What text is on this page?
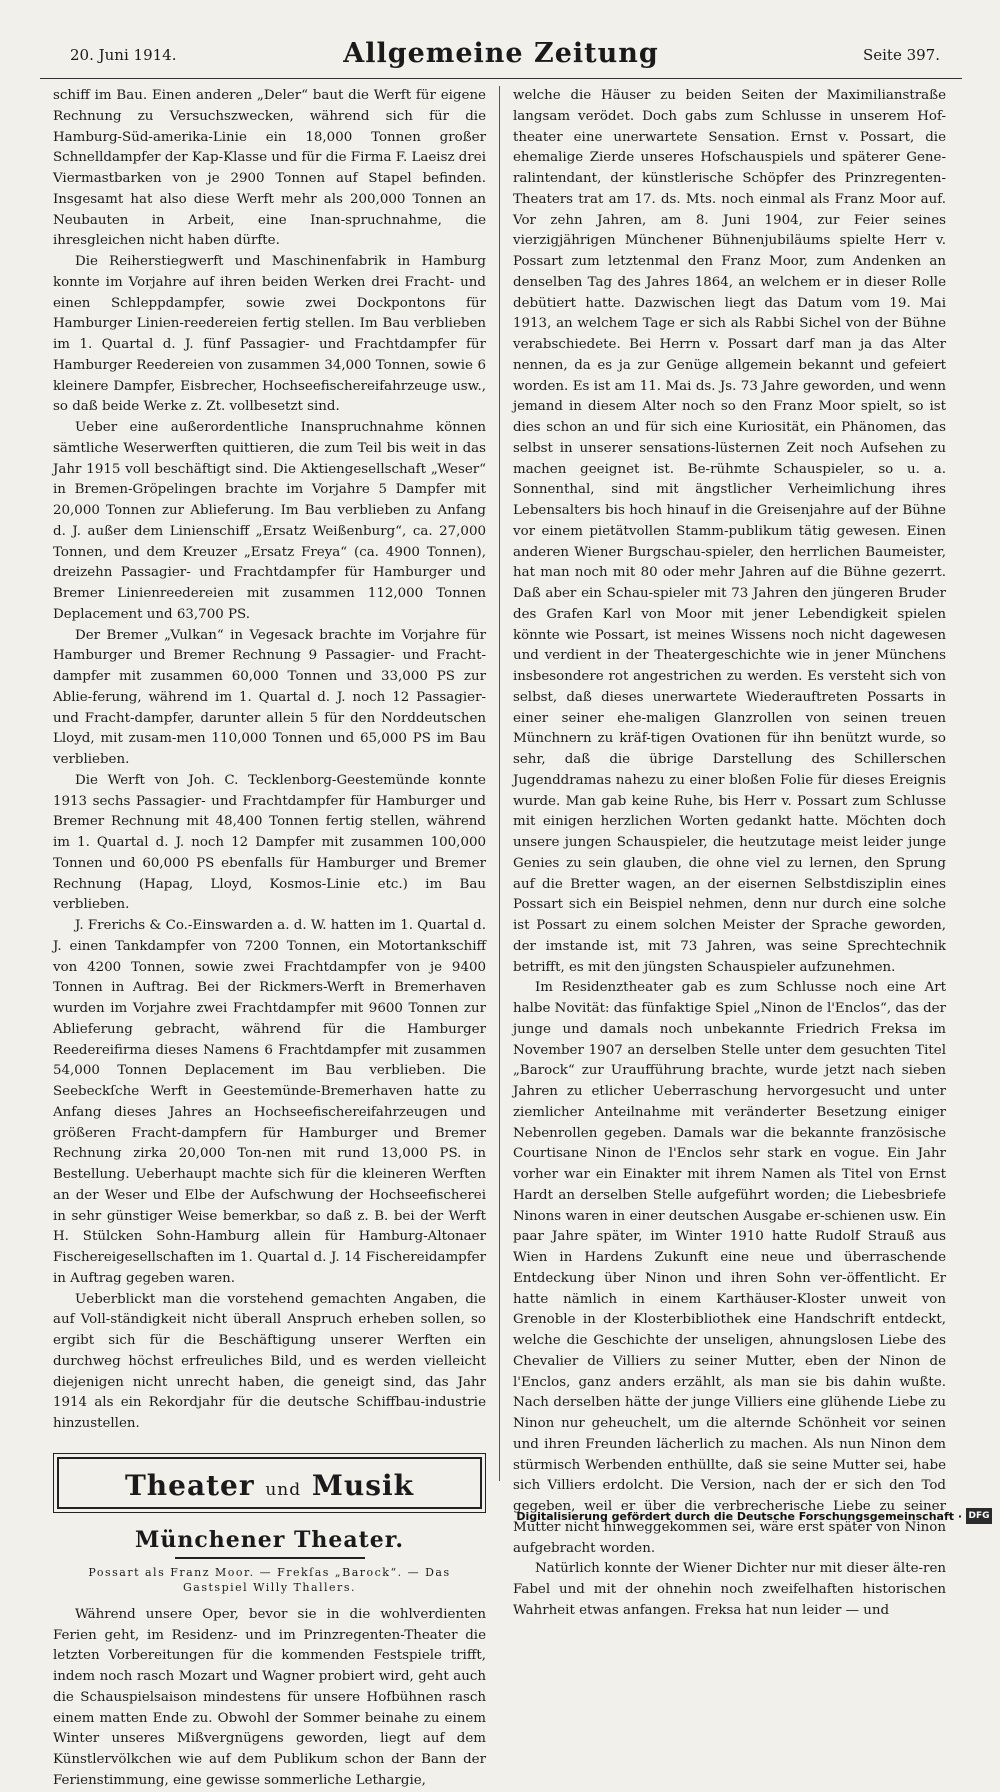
20. Juni 1914.	Allgemeine Zeitung	Seite 397.

schiff im Bau. Einen anderen „Deler“ baut die Werft für eigene Rechnung zu Versuchszwecken, während sich für die Hamburg-Süd-amerika-Linie ein 18,000 Tonnen großer Schnelldampfer der Kap-Klasse und für die Firma F. Laeisz drei Viermastbarken von je 2900 Tonnen auf Stapel befinden. Insgesamt hat also diese Werft mehr als 200,000 Tonnen an Neubauten in Arbeit, eine Inan-spruchnahme, die ihresgleichen nicht haben dürfte.

Die Reiherstiegwerft und Maschinenfabrik in Hamburg konnte im Vorjahre auf ihren beiden Werken drei Fracht- und einen Schleppdampfer, sowie zwei Dockpontons für Hamburger Linien-reedereien fertig stellen. Im Bau verblieben im 1. Quartal d. J. fünf Passagier- und Frachtdampfer für Hamburger Reedereien von zusammen 34,000 Tonnen, sowie 6 kleinere Dampfer, Eisbrecher, Hochseefischereifahrzeuge usw., so daß beide Werke z. Zt. vollbesetzt sind.

Ueber eine außerordentliche Inanspruchnahme können sämtliche Weserwerften quittieren, die zum Teil bis weit in das Jahr 1915 voll beschäftigt sind. Die Aktiengesellschaft „Weser“ in Bremen-Gröpelingen brachte im Vorjahre 5 Dampfer mit 20,000 Tonnen zur Ablieferung. Im Bau verblieben zu Anfang d. J. außer dem Linienschiff „Ersatz Weißenburg“, ca. 27,000 Tonnen, und dem Kreuzer „Ersatz Freya“ (ca. 4900 Tonnen), dreizehn Passagier- und Frachtdampfer für Hamburger und Bremer Linienreedereien mit zusammen 112,000 Tonnen Deplacement und 63,700 PS.

Der Bremer „Vulkan“ in Vegesack brachte im Vorjahre für Hamburger und Bremer Rechnung 9 Passagier- und Fracht-dampfer mit zusammen 60,000 Tonnen und 33,000 PS zur Ablie-ferung, während im 1. Quartal d. J. noch 12 Passagier- und Fracht-dampfer, darunter allein 5 für den Norddeutschen Lloyd, mit zusam-men 110,000 Tonnen und 65,000 PS im Bau verblieben.

Die Werft von Joh. C. Tecklenborg-Geestemünde konnte 1913 sechs Passagier- und Frachtdampfer für Hamburger und Bremer Rechnung mit 48,400 Tonnen fertig stellen, während im 1. Quartal d. J. noch 12 Dampfer mit zusammen 100,000 Tonnen und 60,000 PS ebenfalls für Hamburger und Bremer Rechnung (Hapag, Lloyd, Kosmos-Linie etc.) im Bau verblieben.

J. Frerichs & Co.-Einswarden a. d. W. hatten im 1. Quartal d. J. einen Tankdampfer von 7200 Tonnen, ein Motortankschiff von 4200 Tonnen, sowie zwei Frachtdampfer von je 9400 Tonnen in Auftrag. Bei der Rickmers-Werft in Bremerhaven wurden im Vorjahre zwei Frachtdampfer mit 9600 Tonnen zur Ablieferung gebracht, während für die Hamburger Reedereifirma dieses Namens 6 Frachtdampfer mit zusammen 54,000 Tonnen Deplacement im Bau verblieben. Die Seebeckſche Werft in Geestemünde-Bremerhaven hatte zu Anfang dieses Jahres an Hochseefischereifahrzeugen und größeren Fracht-dampfern für Hamburger und Bremer Rechnung zirka 20,000 Ton-nen mit rund 13,000 PS. in Bestellung. Ueberhaupt machte sich für die kleineren Werften an der Weser und Elbe der Aufschwung der Hochseefischerei in sehr günstiger Weise bemerkbar, so daß z. B. bei der Werft H. Stülcken Sohn-Hamburg allein für Hamburg-Altonaer Fischereigesellschaften im 1. Quartal d. J. 14 Fischereidampfer in Auftrag gegeben waren.

Ueberblickt man die vorstehend gemachten Angaben, die auf Voll-ständigkeit nicht überall Anspruch erheben sollen, so ergibt sich für die Beschäftigung unserer Werften ein durchweg höchst erfreuliches Bild, und es werden vielleicht diejenigen nicht unrecht haben, die geneigt sind, das Jahr 1914 als ein Rekordjahr für die deutsche Schiffbau-industrie hinzustellen.

Theater und Musik
Münchener Theater.
Possart als Franz Moor. — Frekſas „Barock“. — Das Gastspiel Willy Thallers.

Während unsere Oper, bevor sie in die wohlverdienten Ferien geht, im Residenz- und im Prinzregenten-Theater die letzten Vorbereitungen für die kommenden Festspiele trifft, indem noch rasch Mozart und Wagner probiert wird, geht auch die Schauspielsaison mindestens für unsere Hofbühnen rasch einem matten Ende zu. Obwohl der Sommer beinahe zu einem Winter unseres Mißvergnügens geworden, liegt auf dem Künstlervölkchen wie auf dem Publikum schon der Bann der Ferienstimmung, eine gewisse sommerliche Lethargie,

welche die Häuser zu beiden Seiten der Maximilianstraße langsam verödet. Doch gabs zum Schlusse in unserem Hof-theater eine unerwartete Sensation. Ernst v. Possart, die ehemalige Zierde unseres Hofschauspiels und späterer Gene-ralintendant, der künstlerische Schöpfer des Prinzregenten-Theaters trat am 17. ds. Mts. noch einmal als Franz Moor auf. Vor zehn Jahren, am 8. Juni 1904, zur Feier seines vierzigjährigen Münchener Bühnenjubiläums spielte Herr v. Possart zum letztenmal den Franz Moor, zum Andenken an denselben Tag des Jahres 1864, an welchem er in dieser Rolle debütiert hatte. Dazwischen liegt das Datum vom 19. Mai 1913, an welchem Tage er sich als Rabbi Sichel von der Bühne verabschiedete. Bei Herrn v. Possart darf man ja das Alter nennen, da es ja zur Genüge allgemein bekannt und gefeiert worden. Es ist am 11. Mai ds. Js. 73 Jahre geworden, und wenn jemand in diesem Alter noch so den Franz Moor spielt, so ist dies schon an und für sich eine Kuriosität, ein Phänomen, das selbst in unserer sensations-lüsternen Zeit noch Aufsehen zu machen geeignet ist. Be-rühmte Schauspieler, so u. a. Sonnenthal, sind mit ängstlicher Verheimlichung ihres Lebensalters bis hoch hinauf in die Greisenjahre auf der Bühne vor einem pietätvollen Stamm-publikum tätig gewesen. Einen anderen Wiener Burgschau-spieler, den herrlichen Baumeister, hat man noch mit 80 oder mehr Jahren auf die Bühne gezerrt. Daß aber ein Schau-spieler mit 73 Jahren den jüngeren Bruder des Grafen Karl von Moor mit jener Lebendigkeit spielen könnte wie Possart, ist meines Wissens noch nicht dagewesen und verdient in der Theatergeschichte wie in jener Münchens insbesondere rot angestrichen zu werden. Es versteht sich von selbst, daß dieses unerwartete Wiederauftreten Possarts in einer seiner ehe-maligen Glanzrollen von seinen treuen Münchnern zu kräf-tigen Ovationen für ihn benützt wurde, so sehr, daß die übrige Darstellung des Schillerschen Jugenddramas nahezu zu einer bloßen Folie für dieses Ereignis wurde. Man gab keine Ruhe, bis Herr v. Possart zum Schlusse mit einigen herzlichen Worten gedankt hatte. Möchten doch unsere jungen Schauspieler, die heutzutage meist leider junge Genies zu sein glauben, die ohne viel zu lernen, den Sprung auf die Bretter wagen, an der eisernen Selbstdisziplin eines Possart sich ein Beispiel nehmen, denn nur durch eine solche ist Possart zu einem solchen Meister der Sprache geworden, der imstande ist, mit 73 Jahren, was seine Sprechtechnik betrifft, es mit den jüngsten Schauspieler aufzunehmen.

Im Residenztheater gab es zum Schlusse noch eine Art halbe Novität: das fünfaktige Spiel „Ninon de l'Enclos“, das der junge und damals noch unbekannte Friedrich Freksa im November 1907 an derselben Stelle unter dem gesuchten Titel „Barock“ zur Uraufführung brachte, wurde jetzt nach sieben Jahren zu etlicher Ueberraschung hervorgesucht und unter ziemlicher Anteilnahme mit veränderter Besetzung einiger Nebenrollen gegeben. Damals war die bekannte französische Courtisane Ninon de l'Enclos sehr stark en vogue. Ein Jahr vorher war ein Einakter mit ihrem Namen als Titel von Ernst Hardt an derselben Stelle aufgeführt worden; die Liebesbriefe Ninons waren in einer deutschen Ausgabe er-schienen usw. Ein paar Jahre später, im Winter 1910 hatte Rudolf Strauß aus Wien in Hardens Zukunft eine neue und überraschende Entdeckung über Ninon und ihren Sohn ver-öffentlicht. Er hatte nämlich in einem Karthäuser-Kloster unweit von Grenoble in der Klosterbibliothek eine Handschrift entdeckt, welche die Geschichte der unseligen, ahnungslosen Liebe des Chevalier de Villiers zu seiner Mutter, eben der Ninon de l'Enclos, ganz anders erzählt, als man sie bis dahin wußte. Nach derselben hätte der junge Villiers eine glühende Liebe zu Ninon nur geheuchelt, um die alternde Schönheit vor seinen und ihren Freunden lächerlich zu machen. Als nun Ninon dem stürmisch Werbenden enthüllte, daß sie seine Mutter sei, habe sich Villiers erdolcht. Die Version, nach der er sich den Tod gegeben, weil er über die verbrecherische Liebe zu seiner Mutter nicht hinweggekommen sei, wäre erst später von Ninon aufgebracht worden.

Natürlich konnte der Wiener Dichter nur mit dieser älte-ren Fabel und mit der ohnehin noch zweifelhaften historischen Wahrheit etwas anfangen. Freksa hat nun leider — und

Digitalisierung gefördert durch die Deutsche Forschungsgemeinschaft · DFG
